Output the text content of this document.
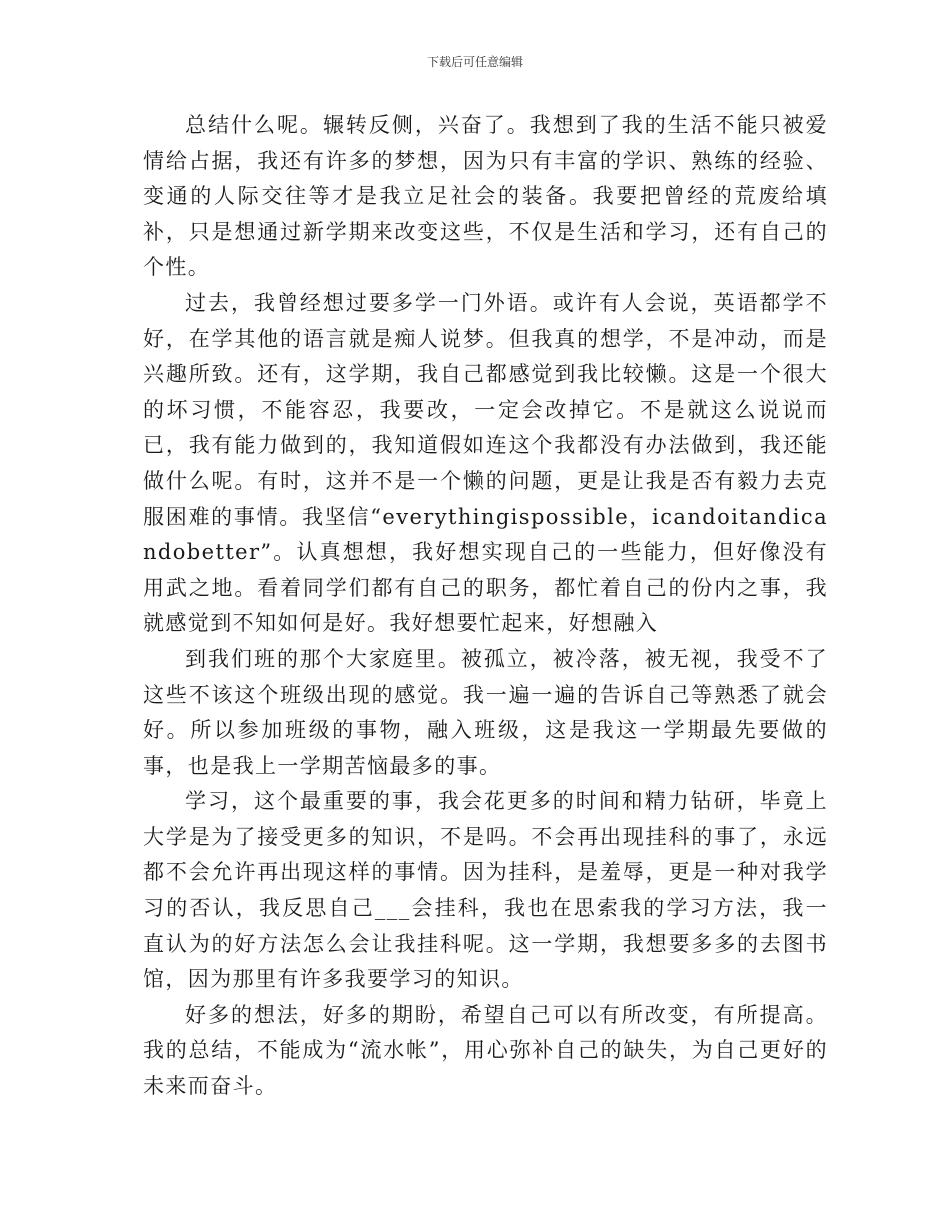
下载后可任意编辑

总结什么呢。辗转反侧，兴奋了。我想到了我的生活不能只被爱情给占据，我还有许多的梦想，因为只有丰富的学识、熟练的经验、变通的人际交往等才是我立足社会的装备。我要把曾经的荒废给填补，只是想通过新学期来改变这些，不仅是生活和学习，还有自己的个性。

过去，我曾经想过要多学一门外语。或许有人会说，英语都学不好，在学其他的语言就是痴人说梦。但我真的想学，不是冲动，而是兴趣所致。还有，这学期，我自己都感觉到我比较懒。这是一个很大的坏习惯，不能容忍，我要改，一定会改掉它。不是就这么说说而已，我有能力做到的，我知道假如连这个我都没有办法做到，我还能做什么呢。有时，这并不是一个懒的问题，更是让我是否有毅力去克服困难的事情。我坚信“everythingispossible，icandoitandicandobetter”。认真想想，我好想实现自己的一些能力，但好像没有用武之地。看着同学们都有自己的职务，都忙着自己的份内之事，我就感觉到不知如何是好。我好想要忙起来，好想融入

到我们班的那个大家庭里。被孤立，被冷落，被无视，我受不了这些不该这个班级出现的感觉。我一遍一遍的告诉自己等熟悉了就会好。所以参加班级的事物，融入班级，这是我这一学期最先要做的事，也是我上一学期苦恼最多的事。

学习，这个最重要的事，我会花更多的时间和精力钻研，毕竟上大学是为了接受更多的知识，不是吗。不会再出现挂科的事了，永远都不会允许再出现这样的事情。因为挂科，是羞辱，更是一种对我学习的否认，我反思自己___会挂科，我也在思索我的学习方法，我一直认为的好方法怎么会让我挂科呢。这一学期，我想要多多的去图书馆，因为那里有许多我要学习的知识。

好多的想法，好多的期盼，希望自己可以有所改变，有所提高。我的总结，不能成为“流水帐”，用心弥补自己的缺失，为自己更好的未来而奋斗。
